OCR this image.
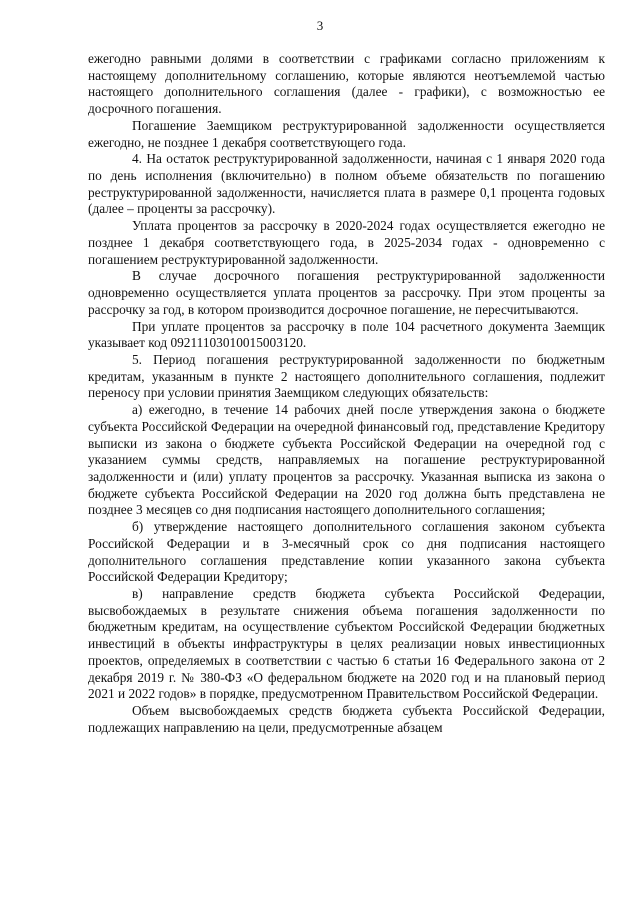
3

ежегодно равными долями в соответствии с графиками согласно приложениям к настоящему дополнительному соглашению, которые являются неотъемлемой частью настоящего дополнительного соглашения (далее - графики), с возможностью ее досрочного погашения.

Погашение Заемщиком реструктурированной задолженности осуществляется ежегодно, не позднее 1 декабря соответствующего года.

4. На остаток реструктурированной задолженности, начиная с 1 января 2020 года по день исполнения (включительно) в полном объеме обязательств по погашению реструктурированной задолженности, начисляется плата в размере 0,1 процента годовых (далее – проценты за рассрочку).

Уплата процентов за рассрочку в 2020-2024 годах осуществляется ежегодно не позднее 1 декабря соответствующего года, в 2025-2034 годах - одновременно с погашением реструктурированной задолженности.

В случае досрочного погашения реструктурированной задолженности одновременно осуществляется уплата процентов за рассрочку. При этом проценты за рассрочку за год, в котором производится досрочное погашение, не пересчитываются.

При уплате процентов за рассрочку в поле 104 расчетного документа Заемщик указывает код 09211103010015003120.

5. Период погашения реструктурированной задолженности по бюджетным кредитам, указанным в пункте 2 настоящего дополнительного соглашения, подлежит переносу при условии принятия Заемщиком следующих обязательств:

а) ежегодно, в течение 14 рабочих дней после утверждения закона о бюджете субъекта Российской Федерации на очередной финансовый год, представление Кредитору выписки из закона о бюджете субъекта Российской Федерации на очередной год с указанием суммы средств, направляемых на погашение реструктурированной задолженности и (или) уплату процентов за рассрочку. Указанная выписка из закона о бюджете субъекта Российской Федерации на 2020 год должна быть представлена не позднее 3 месяцев со дня подписания настоящего дополнительного соглашения;

б) утверждение настоящего дополнительного соглашения законом субъекта Российской Федерации и в 3-месячный срок со дня подписания настоящего дополнительного соглашения представление копии указанного закона субъекта Российской Федерации Кредитору;

в) направление средств бюджета субъекта Российской Федерации, высвобождаемых в результате снижения объема погашения задолженности по бюджетным кредитам, на осуществление субъектом Российской Федерации бюджетных инвестиций в объекты инфраструктуры в целях реализации новых инвестиционных проектов, определяемых в соответствии с частью 6 статьи 16 Федерального закона от 2 декабря 2019 г. № 380-ФЗ «О федеральном бюджете на 2020 год и на плановый период 2021 и 2022 годов» в порядке, предусмотренном Правительством Российской Федерации.

Объем высвобождаемых средств бюджета субъекта Российской Федерации, подлежащих направлению на цели, предусмотренные абзацем
